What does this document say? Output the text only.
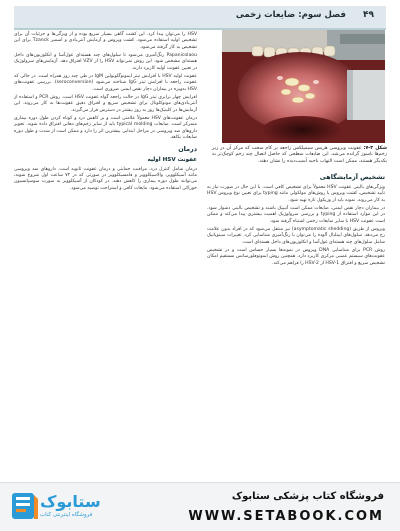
فصل سوم: ضایعات زخمی ۴۹
شکل ۳-۷: عفونت ویروسی هرپس سیمپلکس راجعه بر کام سخت که مرکز آن در زیر زخم‌ها ناسوز گرانده می‌شد. این ضایعات سطحی که حاصل اتصال چند زخم کوچک‌تر به یکدیگر هستند، ممکن است التهاب ناحیه آسیب‌دیده را نشان دهند.
تشخیص آزمایشگاهی

ویژگی‌های بالینی عفونت HSV معمولاً برای تشخیص کافی است. با این حال در صورت نیاز به تأیید تشخیص، کشت ویروس یا روش‌های مولکولی مانند typing برای تعیین نوع ویروس HSV به کار می‌روند. نمونه باید از وزیکول تازه تهیه شود.

در بیماران دچار نقص ایمنی، ضایعات ممکن است آتیپیک باشند و تشخیص بالینی دشوار شود. در این موارد استفاده از typing و بررسی سرولوژیک اهمیت بیشتری پیدا می‌کند و ممکن است عفونت HSV با سایر ضایعات زخمی اشتباه گرفته شود.

ویروس از طریق (asymptomatic shedding) نیز منتقل می‌شود که در افراد بدون علامت رخ می‌دهد. سلول‌های اپیتلیال آلوده را می‌توان با رنگ‌آمیزی شناسایی کرد. تغییرات سیتوپاتیک شامل سلول‌های چند هسته‌ای غول‌آسا و انکلوزیون‌های داخل هسته‌ای است.

روش PCR برای شناسایی DNA ویروس در نمونه‌ها بسیار حساس است و در تشخیص عفونت‌های سیستم عصبی مرکزی کاربرد دارد. همچنین روش ایمونوفلورسانس مستقیم امکان تشخیص سریع و افتراق HSV-1 از HSV-2 را فراهم می‌کند.

HSV را می‌توان پیدا کرد. این کشت گاهی بسیار سریع بوده و از ویژگی‌ها و جزئیات آن برای تشخیص اولیه استفاده می‌شود. کشت ویروس و آزمایش آنتی‌بادی و اسمیر Tzanck برای این تشخیص به کار گرفته می‌شود.

Papanicolaou رنگ‌آمیزی می‌شود تا سلول‌های چند هسته‌ای غول‌آسا و انکلوزیون‌های داخل هسته‌ای مشخص شود. این روش نمی‌تواند HSV را از VZV افتراق دهد. آزمایش‌های سرولوژیک در تعیین عفونت اولیه کاربرد دارند.

عفونت اولیه HSV با افزایش تیتر ایمونوگلوبولین IgM در طی چند روز همراه است. در حالی که عفونت راجعه با افزایش تیتر IgG شناخته می‌شود (seroconversion). بررسی عفونت‌های HSV به‌ویژه در بیماران دچار نقص ایمنی ضروری است.

افزایش چهار برابری تیتر IgG در حالت راجعه گواه عفونت HSV است. روش PCR و استفاده از آنتی‌بادی‌های مونوکلونال برای تشخیص سریع و افتراق دقیق عفونت‌ها به کار می‌روند. این آزمایش‌ها در کلینیک‌ها روز به روز بیشتر در دسترس قرار می‌گیرند.

درمان عفونت‌های HSV معمولاً علامتی است و بر کاهش درد و کوتاه کردن طول دوره بیماری متمرکز است. ضایعات typical molding باید از سایر زخم‌های دهانی افتراق داده شوند. تجویز داروهای ضد ویروسی در مراحل ابتدایی بیشترین اثر را دارد و ممکن است از شدت و طول دوره ضایعات بکاهد.

درمان
عفونت HSV اولیه

درمان شامل کنترل درد، مراقبت حمایتی و درمان عفونت ثانویه است. داروهای ضد ویروسی مانند آسیکلوویر، والاسیکلوویر و فامسیکلوویر در صورتی که در ۷۲ ساعت اول شروع شوند، می‌توانند طول دوره بیماری را کاهش دهند. در کودکان از آسیکلوویر به صورت سوسپانسیون خوراکی استفاده می‌شود. مایعات کافی و استراحت توصیه می‌شود.

ستابوک
فروشگاه اینترنتی کتاب
فروشگاه کتاب پزشکی ستابوک
WWW.SETABOOK.COM
